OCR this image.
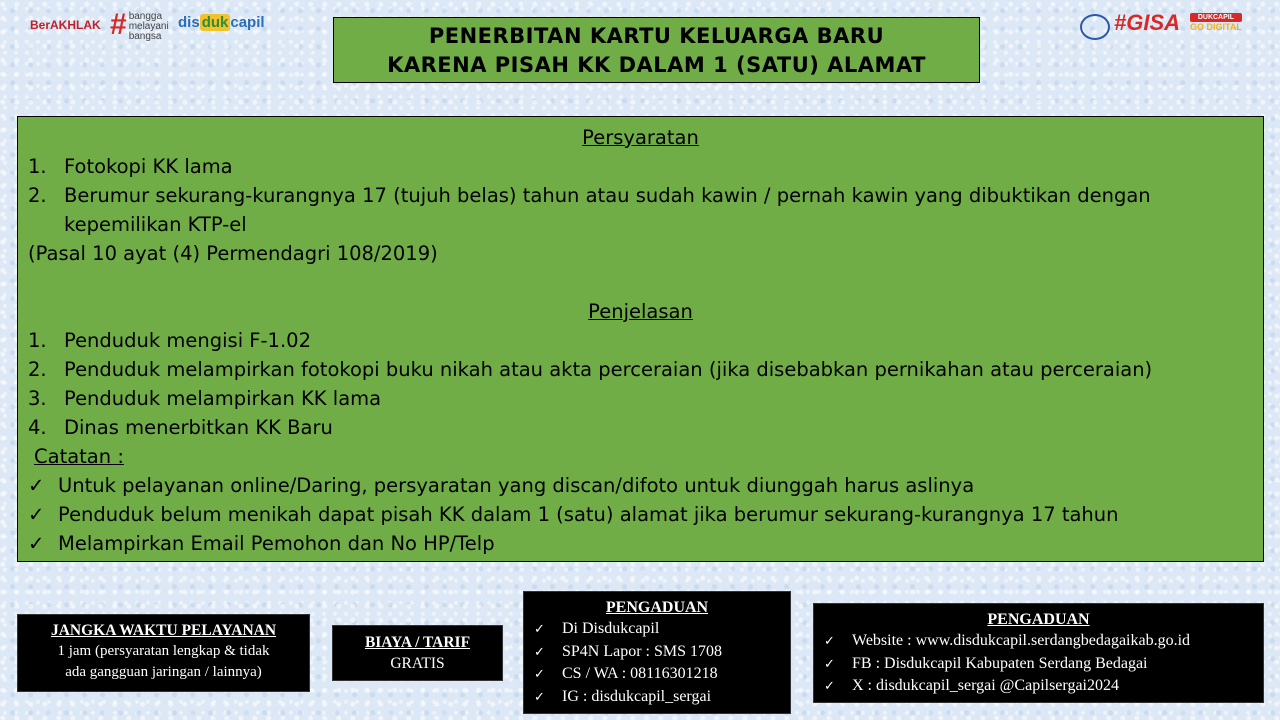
BerAKHLAK # bangga
melayani
bangsa
dis duk capil	#GISA	DUKCAPIL
GO DIGITAL
PENERBITAN KARTU KELUARGA BARU
KARENA PISAH KK DALAM 1 (SATU) ALAMAT
Persyaratan
1. Fotokopi KK lama
2. Berumur sekurang-kurangnya 17 (tujuh belas) tahun atau sudah kawin / pernah kawin yang dibuktikan dengan kepemilikan KTP-el
(Pasal 10 ayat (4) Permendagri 108/2019)
Penjelasan
1. Penduduk mengisi F-1.02
2. Penduduk melampirkan fotokopi buku nikah atau akta perceraian (jika disebabkan pernikahan atau perceraian)
3. Penduduk melampirkan KK lama
4. Dinas menerbitkan KK Baru
Catatan :
✓ Untuk pelayanan online/Daring, persyaratan yang discan/difoto untuk diunggah harus aslinya
✓ Penduduk belum menikah dapat pisah KK dalam 1 (satu) alamat jika berumur sekurang-kurangnya 17 tahun
✓ Melampirkan Email Pemohon dan No HP/Telp
JANGKA WAKTU PELAYANAN
1 jam (persyaratan lengkap & tidak
ada gangguan jaringan / lainnya)
BIAYA / TARIF
GRATIS
PENGADUAN
✓	Di Disdukcapil
✓	SP4N Lapor : SMS 1708
✓	CS / WA : 08116301218
✓	IG : disdukcapil_sergai
PENGADUAN
✓	Website : www.disdukcapil.serdangbedagaikab.go.id
✓	FB : Disdukcapil Kabupaten Serdang Bedagai
✓	X : disdukcapil_sergai @Capilsergai2024
